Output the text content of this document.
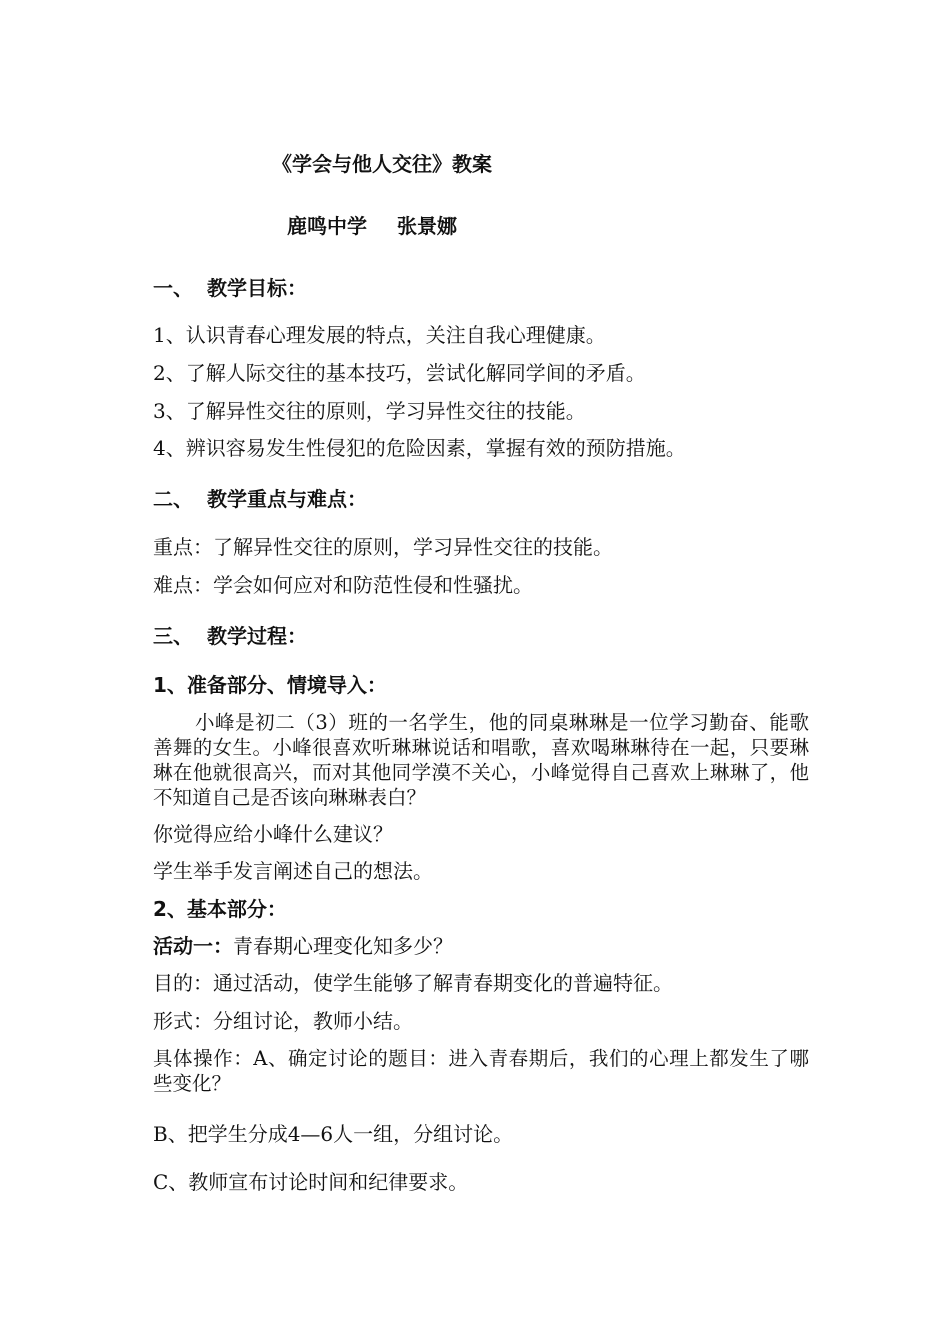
《学会与他人交往》教案
鹿鸣中学 张景娜
一、 教学目标：
1、认识青春心理发展的特点，关注自我心理健康。
2、了解人际交往的基本技巧，尝试化解同学间的矛盾。
3、了解异性交往的原则，学习异性交往的技能。
4、辨识容易发生性侵犯的危险因素，掌握有效的预防措施。
二、 教学重点与难点：
重点：了解异性交往的原则，学习异性交往的技能。
难点：学会如何应对和防范性侵和性骚扰。
三、 教学过程：
1、准备部分、情境导入：
小峰是初二（3）班的一名学生，他的同桌琳琳是一位学习勤奋、能歌善舞的女生。小峰很喜欢听琳琳说话和唱歌，喜欢喝琳琳待在一起，只要琳琳在他就很高兴，而对其他同学漠不关心，小峰觉得自己喜欢上琳琳了，他不知道自己是否该向琳琳表白？
你觉得应给小峰什么建议？
学生举手发言阐述自己的想法。
2、基本部分：
活动一：青春期心理变化知多少？
目的：通过活动，使学生能够了解青春期变化的普遍特征。
形式：分组讨论，教师小结。
具体操作：A、确定讨论的题目：进入青春期后，我们的心理上都发生了哪些变化？
B、把学生分成4—6人一组，分组讨论。
C、教师宣布讨论时间和纪律要求。
